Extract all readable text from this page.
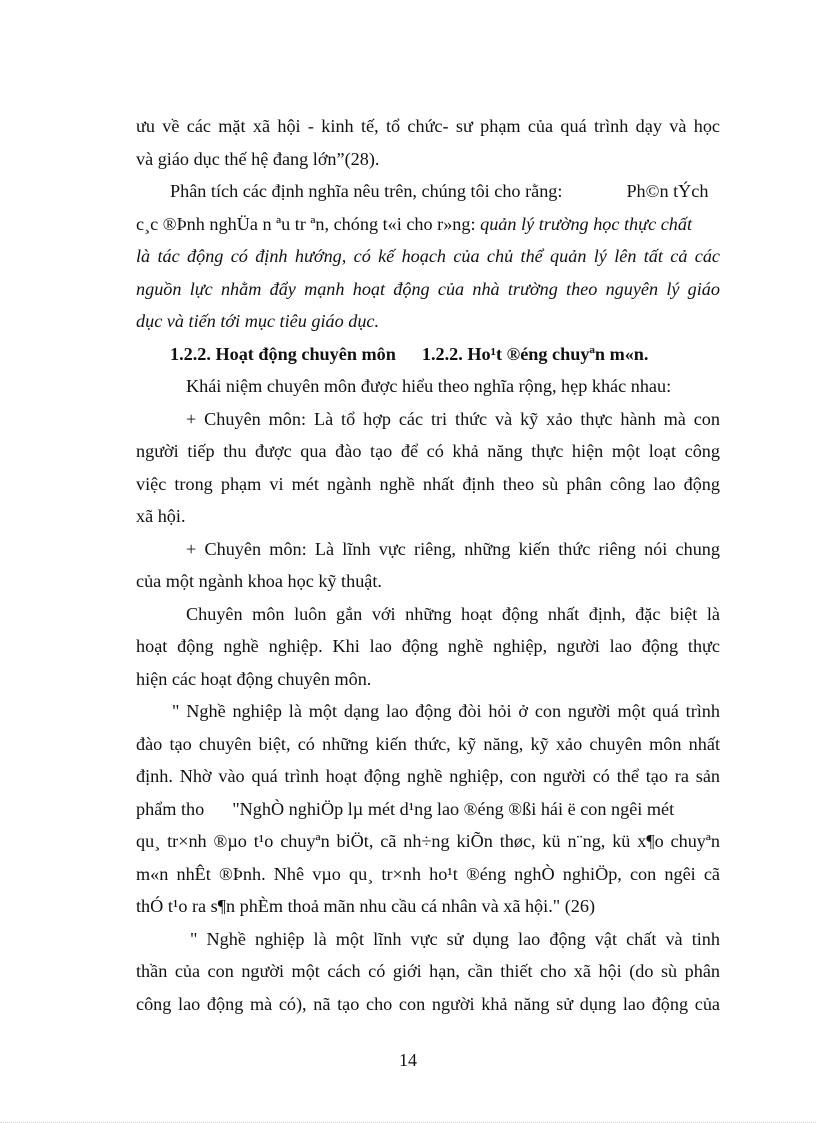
ưu về các mặt xã hội - kinh tế, tổ chức- sư phạm của quá trình dạy và học
và giáo dục thế hệ đang lớn”(28).
Phân tích các định nghĩa nêu trên, chúng tôi cho rằng:	Ph©n tÝch
c¸c ®Þnh nghÜa n ªu tr ªn, chóng t«i cho r»ng: quản lý trường học thực chất
là tác động có định hướng, có kế hoạch của chủ thể quản lý lên tất cả các
nguồn lực nhằm đẩy mạnh hoạt động của nhà trường theo nguyên lý giáo
dục và tiến tới mục tiêu giáo dục.
1.2.2. Hoạt động chuyên môn 1.2.2. Ho¹t ®éng chuyªn m«n.
Khái niệm chuyên môn được hiểu theo nghĩa rộng, hẹp khác nhau:
+ Chuyên môn: Là tổ hợp các tri thức và kỹ xảo thực hành mà con
người tiếp thu được qua đào tạo để có khả năng thực hiện một loạt công
việc trong phạm vi mét ngành nghề nhất định theo sù phân công lao động
xã hội.
+ Chuyên môn: Là lĩnh vực riêng, những kiến thức riêng nói chung
của một ngành khoa học kỹ thuật.
Chuyên môn luôn gắn với những hoạt động nhất định, đặc biệt là
hoạt động nghề nghiệp. Khi lao động nghề nghiệp, người lao động thực
hiện các hoạt động chuyên môn.
" Nghề nghiệp là một dạng lao động đòi hỏi ở con người một quá trình
đào tạo chuyên biệt, có những kiến thức, kỹ năng, kỹ xảo chuyên môn nhất
định. Nhờ vào quá trình hoạt động nghề nghiệp, con người có thể tạo ra sản
phẩm tho "NghÒ nghiÖp lµ mét d¹ng lao ®éng ®ßi hái ë con ngêi mét
qu¸ tr×nh ®µo t¹o chuyªn biÖt, cã nh÷ng kiÕn thøc, kü n¨ng, kü x¶o chuyªn
m«n nhÊt ®Þnh. Nhê vµo qu¸ tr×nh ho¹t ®éng nghÒ nghiÖp, con ngêi cã
thÓ t¹o ra s¶n phÈm thoả mãn nhu cầu cá nhân và xã hội." (26)
" Nghề nghiệp là một lĩnh vực sử dụng lao động vật chất và tinh
thần của con người một cách có giới hạn, cần thiết cho xã hội (do sù phân
công lao động mà có), nã tạo cho con người khả năng sử dụng lao động của
14
